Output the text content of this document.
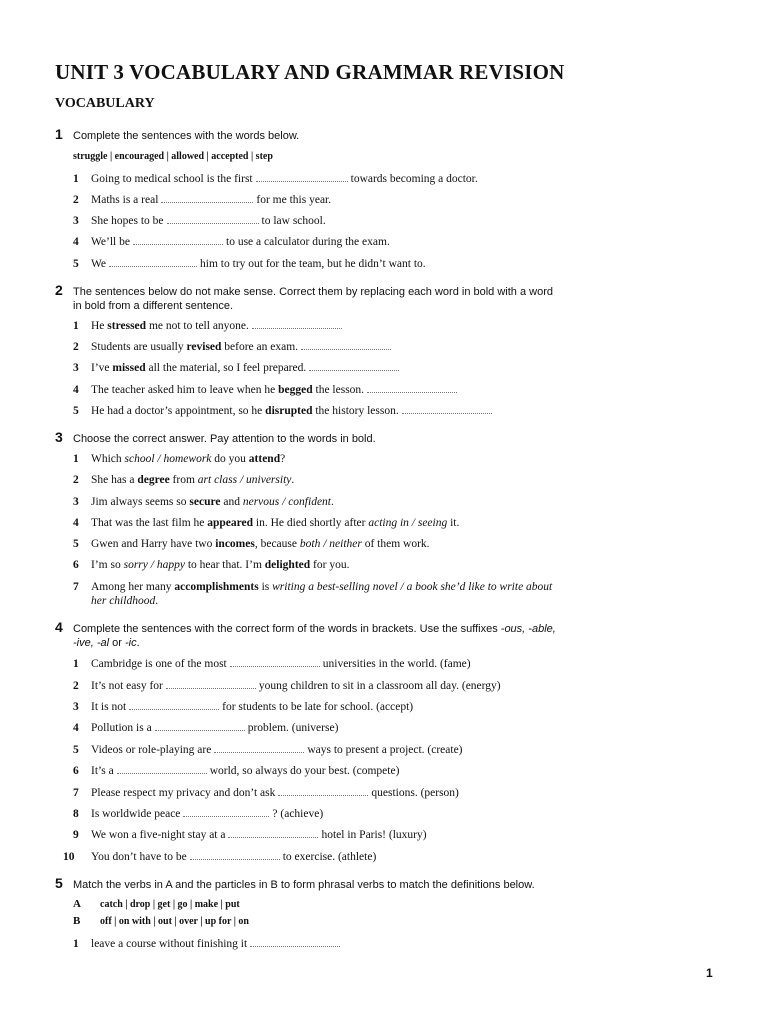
UNIT 3 VOCABULARY AND GRAMMAR REVISION
VOCABULARY
1 Complete the sentences with the words below.
struggle | encouraged | allowed | accepted | step
1 Going to medical school is the first	towards becoming a doctor.
2 Maths is a real	for me this year.
3 She hopes to be	to law school.
4 We’ll be	to use a calculator during the exam.
5 We	him to try out for the team, but he didn’t want to.
2 The sentences below do not make sense. Correct them by replacing each word in bold with a word
in bold from a different sentence.
1 He stressed me not to tell anyone.
2 Students are usually revised before an exam.
3 I’ve missed all the material, so I feel prepared.
4 The teacher asked him to leave when he begged the lesson.
5 He had a doctor’s appointment, so he disrupted the history lesson.
3 Choose the correct answer. Pay attention to the words in bold.
1 Which school / homework do you attend?
2 She has a degree from art class / university.
3 Jim always seems so secure and nervous / confident.
4 That was the last film he appeared in. He died shortly after acting in / seeing it.
5 Gwen and Harry have two incomes, because both / neither of them work.
6 I’m so sorry / happy to hear that. I’m delighted for you.
7 Among her many accomplishments is writing a best-selling novel / a book she’d like to write about
her childhood.
4 Complete the sentences with the correct form of the words in brackets. Use the suffixes -ous, -able,
-ive, -al or -ic.
1 Cambridge is one of the most	universities in the world. (fame)
2 It’s not easy for	young children to sit in a classroom all day. (energy)
3 It is not	for students to be late for school. (accept)
4 Pollution is a	problem. (universe)
5 Videos or role-playing are	ways to present a project. (create)
6 It’s a	world, so always do your best. (compete)
7 Please respect my privacy and don’t ask	questions. (person)
8 Is worldwide peace	? (achieve)
9 We won a five-night stay at a	hotel in Paris! (luxury)
10 You don’t have to be	to exercise. (athlete)
5 Match the verbs in A and the particles in B to form phrasal verbs to match the definitions below.
A catch | drop | get | go | make | put
B off | on with | out | over | up for | on
1 leave a course without finishing it
1
